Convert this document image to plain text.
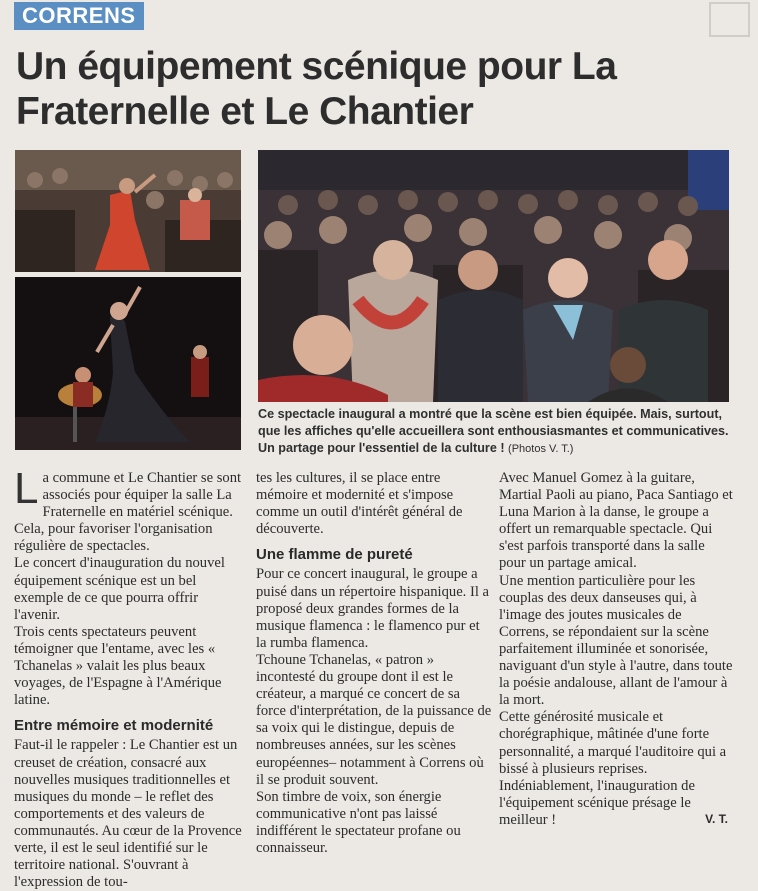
CORRENS

Un équipement scénique pour La Fraternelle et Le Chantier

Ce spectacle inaugural a montré que la scène est bien équipée. Mais, surtout, que les affiches qu'elle accueillera sont enthousiasmantes et communicatives. Un partage pour l'essentiel de la culture ! (Photos V. T.)

La commune et Le Chantier se sont associés pour équiper la salle La Fraternelle en matériel scénique. Cela, pour favoriser l'organisation régulière de spectacles.

Le concert d'inauguration du nouvel équipement scénique est un bel exemple de ce que pourra offrir l'avenir.

Trois cents spectateurs peuvent témoigner que l'entame, avec les « Tchanelas » valait les plus beaux voyages, de l'Espagne à l'Amérique latine.

Entre mémoire et modernité

Faut-il le rappeler : Le Chantier est un creuset de création, consacré aux nouvelles musiques traditionnelles et musiques du monde – le reflet des comportements et des valeurs de communautés. Au cœur de la Provence verte, il est le seul identifié sur le territoire national. S'ouvrant à l'expression de tou-

tes les cultures, il se place entre mémoire et modernité et s'impose comme un outil d'intérêt général de découverte.

Une flamme de pureté

Pour ce concert inaugural, le groupe a puisé dans un répertoire hispanique. Il a proposé deux grandes formes de la musique flamenca : le flamenco pur et la rumba flamenca.

Tchoune Tchanelas, « patron » incontesté du groupe dont il est le créateur, a marqué ce concert de sa force d'interprétation, de la puissance de sa voix qui le distingue, depuis de nombreuses années, sur les scènes européennes– notamment à Correns où il se produit souvent.

Son timbre de voix, son énergie communicative n'ont pas laissé indifférent le spectateur profane ou connaisseur.

Avec Manuel Gomez à la guitare, Martial Paoli au piano, Paca Santiago et Luna Marion à la danse, le groupe a offert un remarquable spectacle. Qui s'est parfois transporté dans la salle pour un partage amical.

Une mention particulière pour les couplas des deux danseuses qui, à l'image des joutes musicales de Correns, se répondaient sur la scène parfaitement illuminée et sonorisée, naviguant d'un style à l'autre, dans toute la poésie andalouse, allant de l'amour à la mort.

Cette générosité musicale et chorégraphique, mâtinée d'une forte personnalité, a marqué l'auditoire qui a bissé à plusieurs reprises.

Indéniablement, l'inauguration de l'équipement scénique présage le meilleur !	V. T.
